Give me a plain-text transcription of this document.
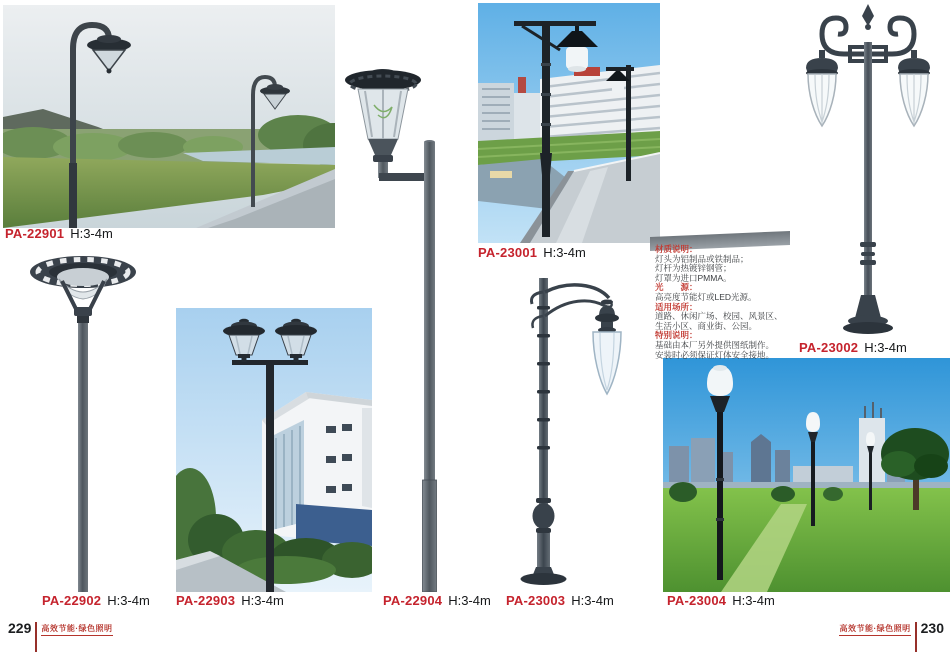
PA-22901 H:3-4m
PA-22902 H:3-4m PA-22903 H:3-4m	PA-22904 H:3-4m
PA-23001 H:3-4m
PA-23002 H:3-4m
PA-23003 H:3-4m	PA-23004 H:3-4m
材质说明：
灯头为铝制品或铁制品；
灯杆为热镀锌钢管；
灯罩为进口PMMA。
光　　源：
高亮度节能灯或LED光源。
适用场所：
道路、休闲广场、校园、风景区、
生活小区、商业街、公园。
特别说明：
基础由本厂另外提供图纸制作。
安装时必须保证灯体安全接地。
229 高效节能·绿色照明	高效节能·绿色照明 230
